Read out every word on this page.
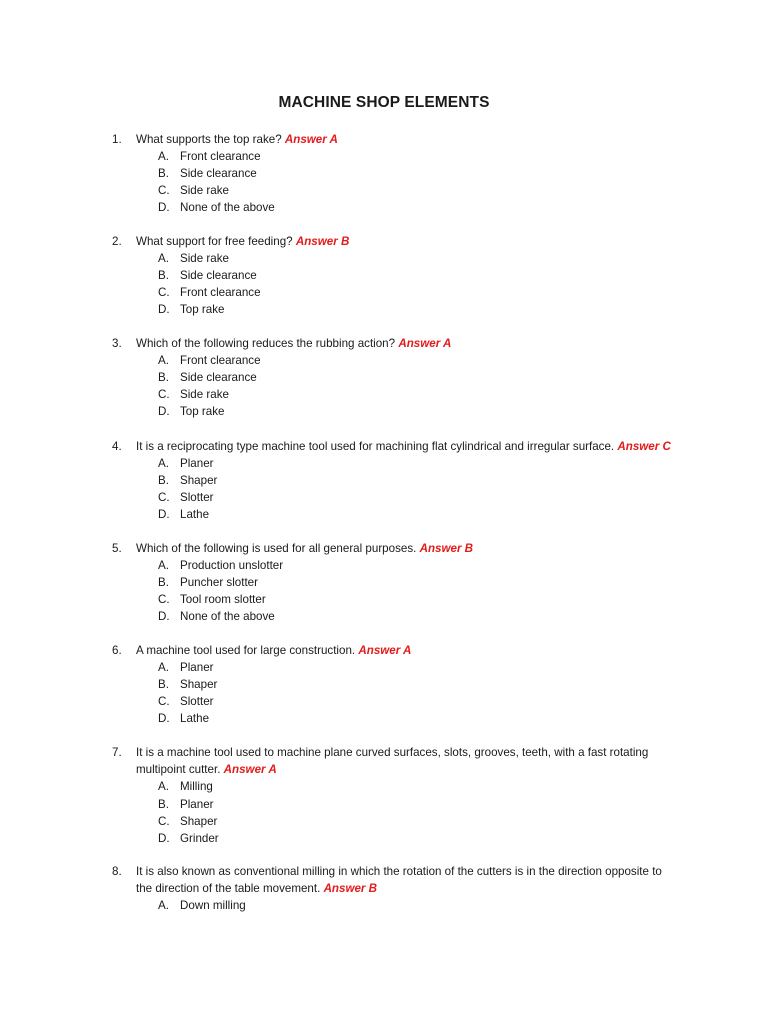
MACHINE SHOP ELEMENTS
1. What supports the top rake? Answer A
A. Front clearance
B. Side clearance
C. Side rake
D. None of the above
2. What support for free feeding? Answer B
A. Side rake
B. Side clearance
C. Front clearance
D. Top rake
3. Which of the following reduces the rubbing action? Answer A
A. Front clearance
B. Side clearance
C. Side rake
D. Top rake
4. It is a reciprocating type machine tool used for machining flat cylindrical and irregular surface. Answer C
A. Planer
B. Shaper
C. Slotter
D. Lathe
5. Which of the following is used for all general purposes. Answer B
A. Production unslotter
B. Puncher slotter
C. Tool room slotter
D. None of the above
6. A machine tool used for large construction. Answer A
A. Planer
B. Shaper
C. Slotter
D. Lathe
7. It is a machine tool used to machine plane curved surfaces, slots, grooves, teeth, with a fast rotating multipoint cutter. Answer A
A. Milling
B. Planer
C. Shaper
D. Grinder
8. It is also known as conventional milling in which the rotation of the cutters is in the direction opposite to the direction of the table movement. Answer B
A. Down milling
